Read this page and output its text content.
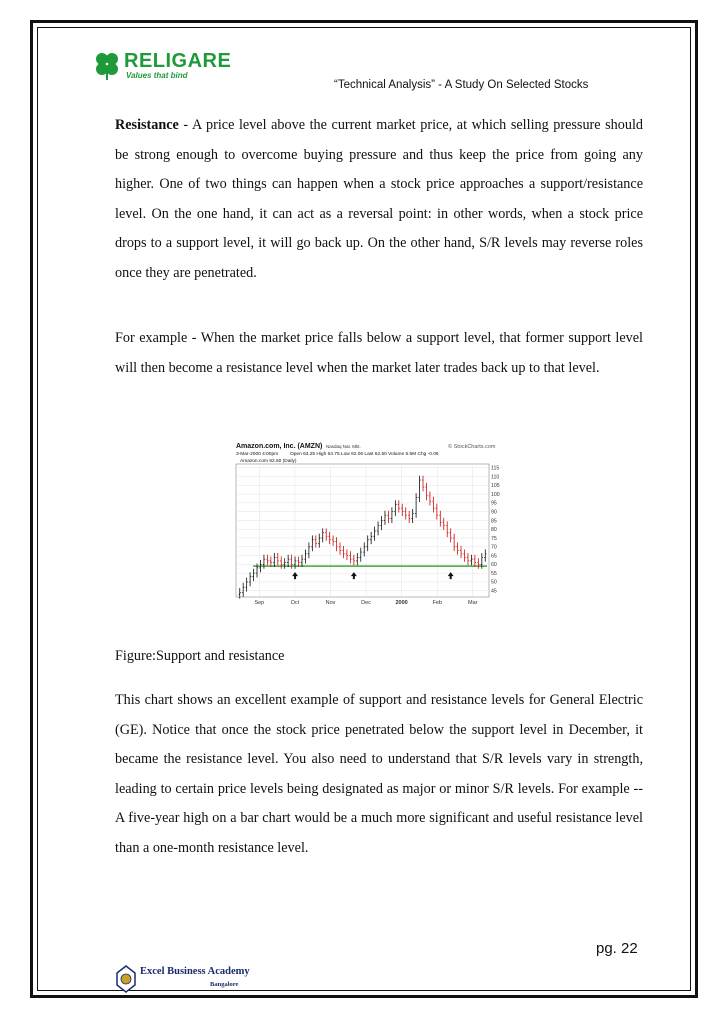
RELIGARE
Values that bind
“Technical Analysis” - A Study On Selected Stocks

Resistance - A price level above the current market price, at which selling pressure should be strong enough to overcome buying pressure and thus keep the price from going any higher. One of two things can happen when a stock price approaches a support/resistance level. On the one hand, it can act as a reversal point: in other words, when a stock price drops to a support level, it will go back up. On the other hand, S/R levels may reverse roles once they are penetrated.

For example - When the market price falls below a support level, that former support level will then become a resistance level when the market later trades back up to that level.

Amazon.com, Inc. (AMZN) Nasdaq Nat. Mkt.	© StockCharts.com
3-Mar-2000 4:00pm Open 63.25 High 64.75 Low 62.06 Last 62.50 Volume 5.6M Chg -0.06
Amazon.com 62.50 (Daily)
45
50
55
60
65
70
75
80
85
90
95
100
105
110
115
Sep	Oct	Nov	Dec	2000	Feb	Mar

Figure:Support and resistance

This chart shows an excellent example of support and resistance levels for General Electric (GE). Notice that once the stock price penetrated below the support level in December, it became the resistance level. You also need to understand that S/R levels vary in strength, leading to certain price levels being designated as major or minor S/R levels. For example -- A five-year high on a bar chart would be a much more significant and useful resistance level than a one-month resistance level.

pg. 22
Excel Business Academy
Bangalore
